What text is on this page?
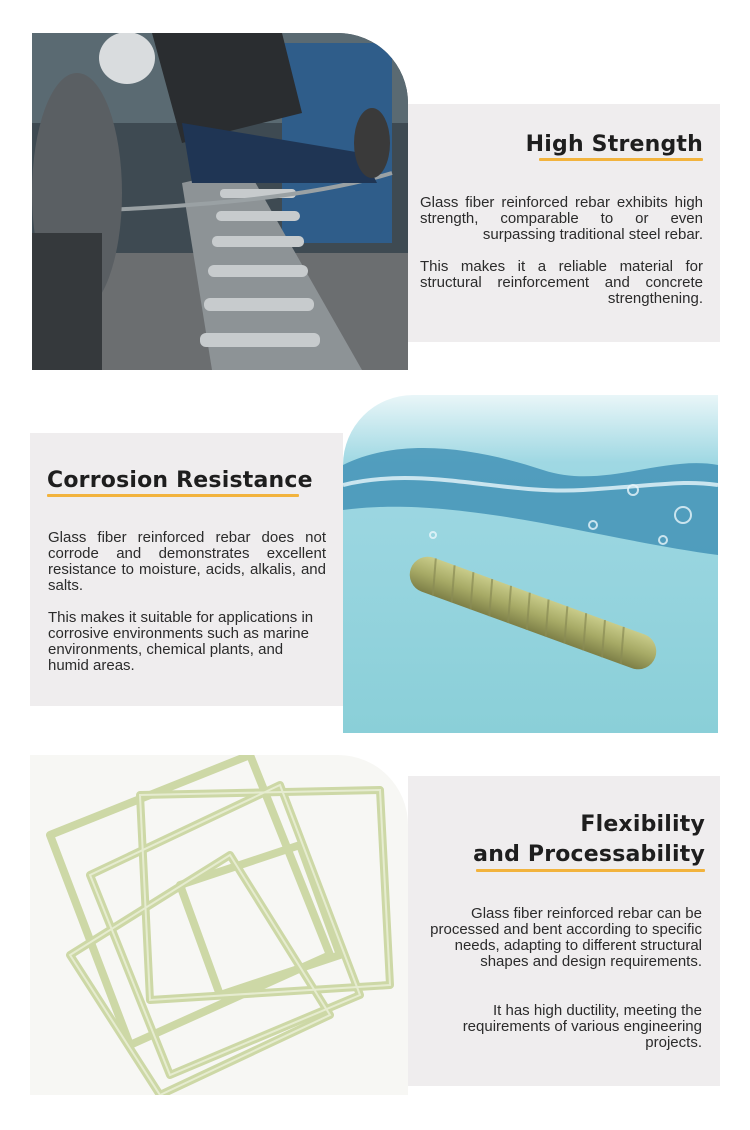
High Strength

Glass fiber reinforced rebar exhibits high strength, comparable to or even surpassing traditional steel rebar.

This makes it a reliable material for structural reinforcement and concrete strengthening.

Corrosion Resistance

Glass fiber reinforced rebar does not corrode and demonstrates excellent resistance to moisture, acids, alkalis, and salts.

This makes it suitable for applications in corrosive environments such as marine environments, chemical plants, and humid areas.

Flexibility
and Processability

Glass fiber reinforced rebar can be processed and bent according to specific needs, adapting to different structural shapes and design requirements.

It has high ductility, meeting the requirements of various engineering projects.
